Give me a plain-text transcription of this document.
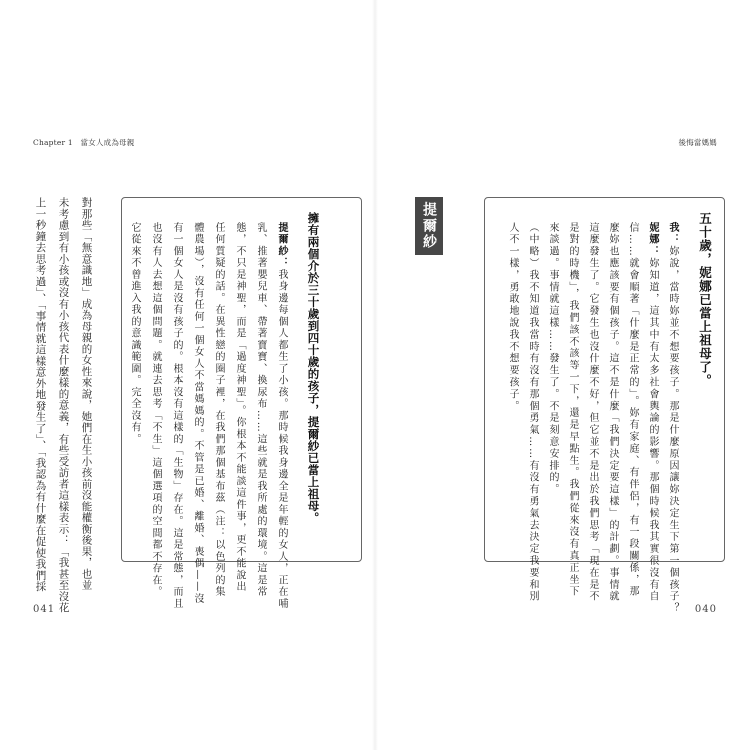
Chapter 1　當女人成為母親	後悔當媽媽
五十歲，妮娜已當上祖母了。
我：妳說，當時妳並不想要孩子。那是什麼原因讓妳決定生下第一個孩子？
妮娜：妳知道，這其中有太多社會輿論的影響。那個時候我其實很沒有自
信……就會順著「什麼是正常的」。妳有家庭、有伴侶，有一段關係，那
麼妳也應該要有個孩子。這不是什麼「我們決定要這樣」的計劃。事情就
這麼發生了。它發生也沒什麼不好，但它並不是出於我們思考「現在是不
是對的時機」，我們該不該等一下，還是早點生。我們從來沒有真正坐下
來談過。事情就這樣……發生了。不是刻意安排的。
（中略）我不知道我當時有沒有那個勇氣……有沒有勇氣去決定我要和別
人不一樣，勇敢地說我不想要孩子。
提爾紗
擁有兩個介於三十歲到四十歲的孩子，提爾紗已當上祖母。
提爾紗：我身邊每個人都生了小孩。那時候我身邊全是年輕的女人，正在哺
乳、推著嬰兒車、帶著寶寶、換尿布……這些就是我所處的環境。這是常
態，不只是神聖，而是「過度神聖」。你根本不能談這件事，更不能說出
任何質疑的話。在異性戀的圈子裡，在我們那個基布茲（注：以色列的集
體農場），沒有任何一個女人不當媽媽的。不管是已婚、離婚、喪偶——沒
有一個女人是沒有孩子的。根本沒有這樣的「生物」存在。這是常態，而且
也沒有人去想這個問題。就連去思考「不生」這個選項的空間都不存在。
它從來不曾進入我的意識範圍。完全沒有。
對那些「無意識地」成為母親的女性來說，她們在生小孩前沒能權衡後果，也並
未考慮到有小孩或沒有小孩代表什麼樣的意義，有些受訪者這樣表示：「我甚至沒花
上一秒鐘去思考過」、「事情就這樣意外地發生了」、「我認為有什麼在促使我們採
041	040
